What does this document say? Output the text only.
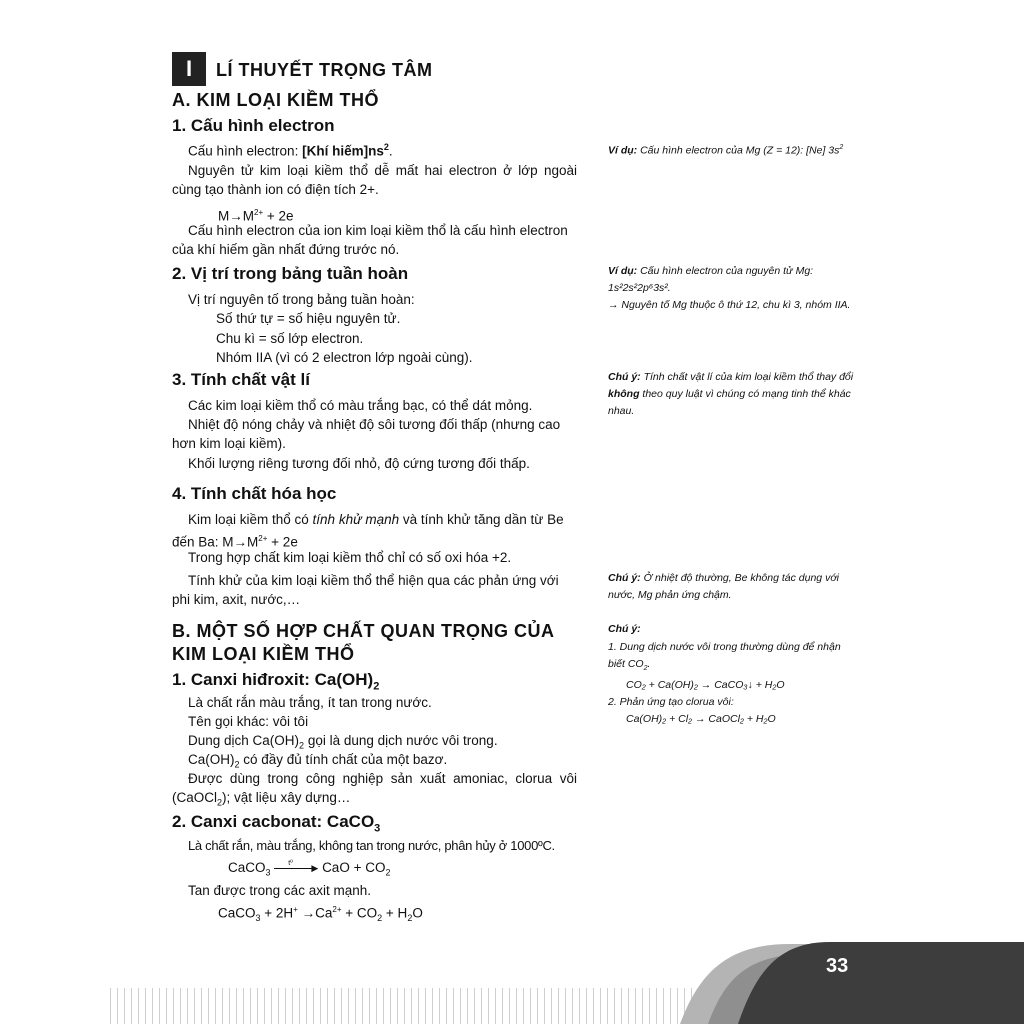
I LÍ THUYẾT TRỌNG TÂM
A. KIM LOẠI KIỀM THỔ
1. Cấu hình electron
Cấu hình electron: [Khí $hiếm]ns^2$.
Nguyên tử kim loại kiềm thổ dễ mất hai electron ở lớp ngoài cùng tạo thành ion có điện tích 2+.
$M\to M^{2+} + 2e$
Cấu hình electron của ion kim loại kiềm thổ là cấu hình electron của khí hiếm gần nhất đứng trước nó.
2. Vị trí trong bảng tuần hoàn
Vị trí nguyên tố trong bảng tuần hoàn:
Số thứ tự = số hiệu nguyên tử.
Chu kì = số lớp electron.
Nhóm IIA (vì có 2 electron lớp ngoài cùng).
3. Tính chất vật lí
Các kim loại kiềm thổ có màu trắng bạc, có thể dát mỏng.
Nhiệt độ nóng chảy và nhiệt độ sôi tương đối thấp (nhưng cao hơn kim loại kiềm).
Khối lượng riêng tương đối nhỏ, độ cứng tương đối thấp.
4. Tính chất hóa học
Kim loại kiềm thổ có tính khử mạnh và tính khử tăng dần từ Be đến Ba: $M\to M^{2+} + 2e$
Trong hợp chất kim loại kiềm thổ chỉ có số oxi hóa +2.
Tính khử của kim loại kiềm thổ thể hiện qua các phản ứng với phi kim, axit, nước,…
B. MỘT SỐ HỢP CHẤT QUAN TRỌNG CỦA
KIM LOẠI KIỀM THỔ
1. Canxi hiđroxit: $Ca(OH)_2$
Là chất rắn màu trắng, ít tan trong nước.
Tên gọi khác: vôi tôi
Dung dịch $Ca(OH)_2$ gọi là dung dịch nước vôi trong.
$Ca(OH)_2$ có đầy đủ tính chất của một bazơ.
Được dùng trong công nghiệp sản xuất amoniac, clorua vôi (CaOCl$_2$); vật liệu xây dựng…
2. Canxi cacbonat: CaCO$_3$
Là chất rắn, màu trắng, không tan trong nước, phân hủy ở 1000ºC.
CaCO$_3$	▶
tº CaO + $CO_2$
Tan được trong các axit mạnh.
CaCO$_3$ + $2H^+ \to Ca^{2+} + CO_2 + H_2O$
Ví dụ: Cấu hình electron của Mg (Z = 12): [Ne] $3s^2$
Ví dụ: Cấu hình electron của nguyên tử Mg:
1s²2s²2p⁶3s².
→ Nguyên tố Mg thuộc ô thứ 12, chu kì 3, nhóm IIA.
Chú ý: Tính chất vật lí của kim loại kiềm thổ thay đổi không theo quy luật vì chúng có mạng tinh thể khác nhau.
Chú ý: Ở nhiệt độ thường, Be không tác dụng với nước, Mg phản ứng chậm.
Chú ý:
1. Dung dịch nước vôi trong thường dùng để nhận biết $CO_2$.
CO₂ + Ca(OH)₂ → CaCO₃↓ + H₂O
2. Phản ứng tạo clorua vôi:
Ca(OH)₂ + Cl₂ → CaOCl₂ + H₂O
33
